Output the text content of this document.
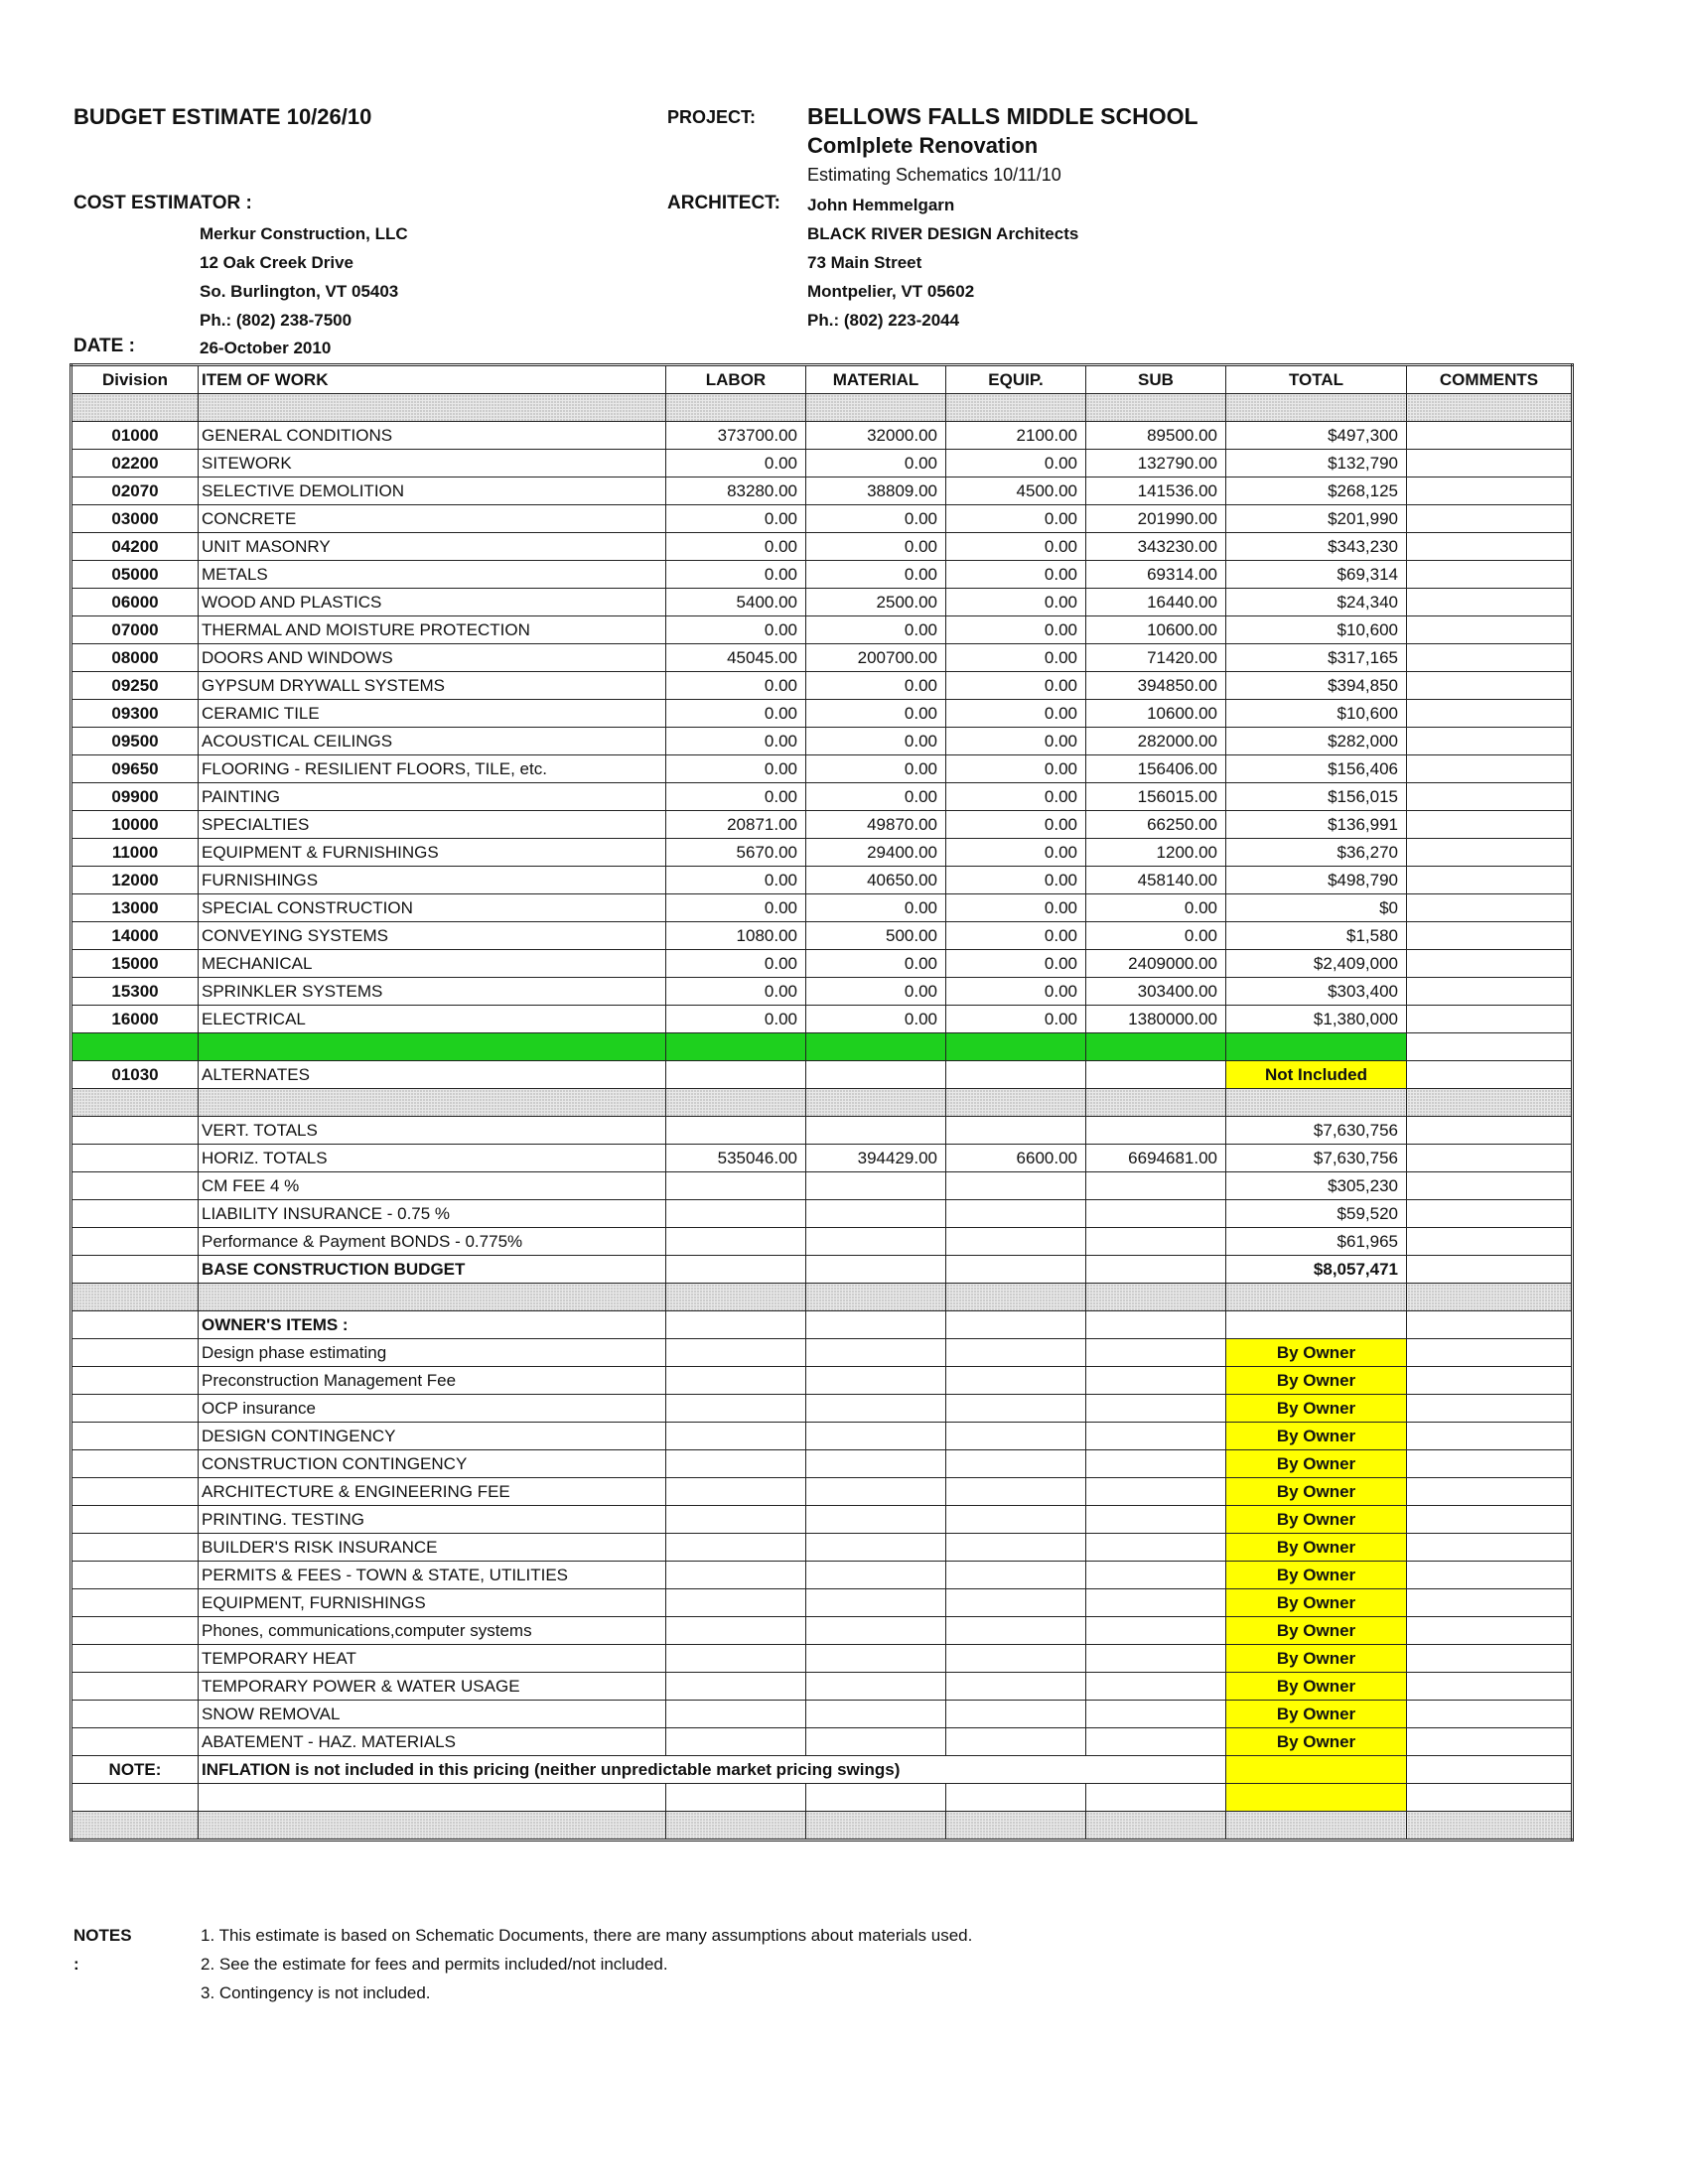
BUDGET ESTIMATE 10/26/10	PROJECT: BELLOWS FALLS MIDDLE SCHOOL
Comlplete Renovation
Estimating Schematics 10/11/10
COST ESTIMATOR :
Merkur Construction, LLC
12 Oak Creek Drive
So. Burlington, VT 05403
Ph.: (802) 238-7500
ARCHITECT: John Hemmelgarn
BLACK RIVER DESIGN Architects
73 Main Street
Montpelier, VT 05602
Ph.: (802) 223-2044
DATE :	26-October 2010
Division	ITEM OF WORK	LABOR	MATERIAL	EQUIP.	SUB	TOTAL	COMMENTS

01000	GENERAL CONDITIONS	373700.00	32000.00	2100.00	89500.00	$497,300	
02200	SITEWORK	0.00	0.00	0.00	132790.00	$132,790	
02070	SELECTIVE DEMOLITION	83280.00	38809.00	4500.00	141536.00	$268,125	
03000	CONCRETE	0.00	0.00	0.00	201990.00	$201,990	
04200	UNIT MASONRY	0.00	0.00	0.00	343230.00	$343,230	
05000	METALS	0.00	0.00	0.00	69314.00	$69,314	
06000	WOOD AND PLASTICS	5400.00	2500.00	0.00	16440.00	$24,340	
07000	THERMAL AND MOISTURE PROTECTION	0.00	0.00	0.00	10600.00	$10,600	
08000	DOORS AND WINDOWS	45045.00	200700.00	0.00	71420.00	$317,165	
09250	GYPSUM DRYWALL SYSTEMS	0.00	0.00	0.00	394850.00	$394,850	
09300	CERAMIC TILE	0.00	0.00	0.00	10600.00	$10,600	
09500	ACOUSTICAL CEILINGS	0.00	0.00	0.00	282000.00	$282,000	
09650	FLOORING - RESILIENT FLOORS, TILE, etc.	0.00	0.00	0.00	156406.00	$156,406	
09900	PAINTING	0.00	0.00	0.00	156015.00	$156,015	
10000	SPECIALTIES	20871.00	49870.00	0.00	66250.00	$136,991	
11000	EQUIPMENT & FURNISHINGS	5670.00	29400.00	0.00	1200.00	$36,270	
12000	FURNISHINGS	0.00	40650.00	0.00	458140.00	$498,790	
13000	SPECIAL CONSTRUCTION	0.00	0.00	0.00	0.00	$0	
14000	CONVEYING SYSTEMS	1080.00	500.00	0.00	0.00	$1,580	
15000	MECHANICAL	0.00	0.00	0.00	2409000.00	$2,409,000	
15300	SPRINKLER SYSTEMS	0.00	0.00	0.00	303400.00	$303,400	
16000	ELECTRICAL	0.00	0.00	0.00	1380000.00	$1,380,000	

01030	ALTERNATES					Not Included	

	VERT. TOTALS					$7,630,756	
	HORIZ. TOTALS	535046.00	394429.00	6600.00	6694681.00	$7,630,756	
	CM FEE 4 %					$305,230	
	LIABILITY INSURANCE - 0.75 %					$59,520	
	Performance & Payment BONDS - 0.775%					$61,965	
	BASE CONSTRUCTION BUDGET					$8,057,471	

	OWNER'S ITEMS :						
	Design phase estimating					By Owner	
	Preconstruction Management Fee					By Owner	
	OCP insurance					By Owner	
	DESIGN CONTINGENCY					By Owner	
	CONSTRUCTION CONTINGENCY					By Owner	
	ARCHITECTURE & ENGINEERING FEE					By Owner	
	PRINTING. TESTING					By Owner	
	BUILDER'S RISK INSURANCE					By Owner	
	PERMITS & FEES - TOWN & STATE, UTILITIES					By Owner	
	EQUIPMENT, FURNISHINGS					By Owner	
	Phones, communications,computer systems					By Owner	
	TEMPORARY HEAT					By Owner	
	TEMPORARY POWER & WATER USAGE					By Owner	
	SNOW REMOVAL					By Owner	
	ABATEMENT - HAZ. MATERIALS					By Owner	
NOTE:	INFLATION is not included in this pricing (neither unpredictable market pricing swings)						

NOTES :
1. This estimate is based on Schematic Documents, there are many assumptions about materials used.
2. See the estimate for fees and permits included/not included.
3. Contingency is not included.
